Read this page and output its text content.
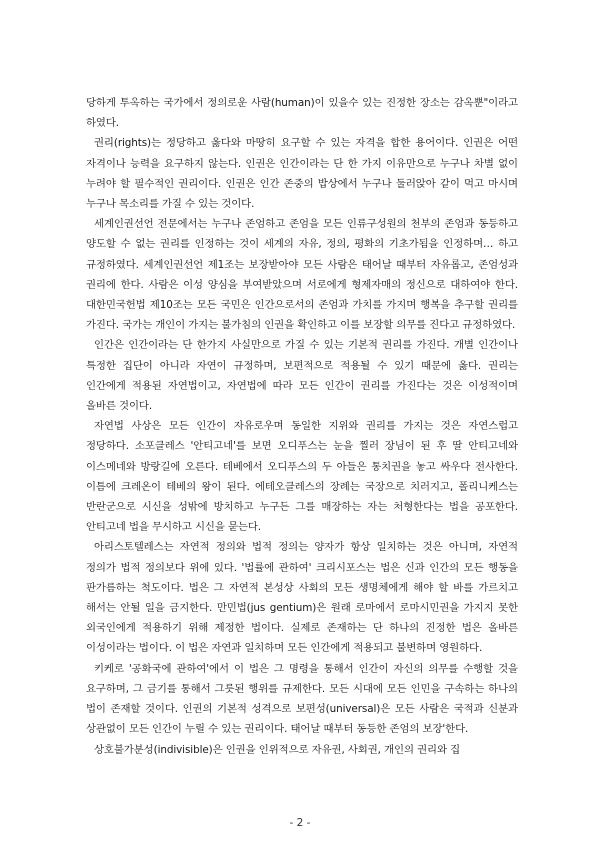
당하게 투옥하는 국가에서 정의로운 사람(human)이 있을수 있는 진정한 장소는 감옥뿐"이라고 하였다.

권리(rights)는 정당하고 옳다와 마땅히 요구할 수 있는 자격을 합한 용어이다. 인권은 어떤 자격이나 능력을 요구하지 않는다. 인권은 인간이라는 단 한 가지 이유만으로 누구나 차별 없이 누려야 할 필수적인 권리이다. 인권은 인간 존중의 밥상에서 누구나 둘러앉아 같이 먹고 마시며 누구나 목소리를 가질 수 있는 것이다.

세계인권선언 전문에서는 누구나 존엄하고 존엄을 모든 인류구성원의 천부의 존엄과 동등하고 양도할 수 없는 권리를 인정하는 것이 세계의 자유, 정의, 평화의 기초가됨을 인정하며… 하고 규정하였다. 세계인권선언 제1조는 보장받아야 모든 사람은 태어날 때부터 자유롭고, 존엄성과 권리에 한다. 사람은 이성 양심을 부여받았으며 서로에게 형제자매의 정신으로 대하여야 한다. 대한민국헌법 제10조는 모든 국민은 인간으로서의 존엄과 가치를 가지며 행복을 추구할 권리를 가진다. 국가는 개인이 가지는 불가침의 인권을 확인하고 이를 보장할 의무를 진다고 규정하였다.

인간은 인간이라는 단 한가지 사실만으로 가질 수 있는 기본적 권리를 가진다. 개별 인간이나 특정한 집단이 아니라 자연이 규정하며, 보편적으로 적용될 수 있기 때문에 옳다. 권리는 인간에게 적용된 자연법이고, 자연법에 따라 모든 인간이 권리를 가진다는 것은 이성적이며 올바른 것이다.

자연법 사상은 모든 인간이 자유로우며 동일한 지위와 권리를 가지는 것은 자연스럽고 정당하다. 소포클레스 '안티고네'를 보면 오디푸스는 눈을 찔러 장님이 된 후 딸 안티고네와 이스메네와 방랑길에 오른다. 테베에서 오디푸스의 두 아들은 통치권을 놓고 싸우다 전사한다. 이틈에 크레온이 테베의 왕이 된다. 에테오클레스의 장례는 국장으로 치러지고, 폴리니케스는 반란군으로 시신을 성밖에 방치하고 누구든 그를 매장하는 자는 처형한다는 법을 공포한다. 안티고네 법을 무시하고 시신을 묻는다.

아리스토텔레스는 자연적 정의와 법적 정의는 양자가 항상 일치하는 것은 아니며, 자연적 정의가 법적 정의보다 위에 있다. '법률에 관하여' 크리시포스는 법은 신과 인간의 모든 행동을 판가름하는 척도이다. 법은 그 자연적 본성상 사회의 모든 생명체에게 해야 할 바를 가르치고 해서는 안될 일을 금지한다. 만민법(jus gentium)은 원래 로마에서 로마시민권을 가지지 못한 외국인에게 적용하기 위해 제정한 법이다. 실제로 존재하는 단 하나의 진정한 법은 올바른 이성이라는 법이다. 이 법은 자연과 일치하며 모든 인간에게 적용되고 불변하며 영원하다.

키케로 '공화국에 관하여'에서 이 법은 그 명령을 통해서 인간이 자신의 의무를 수행할 것을 요구하며, 그 금기를 통해서 그릇된 행위를 규제한다. 모든 시대에 모든 인민을 구속하는 하나의 법이 존재할 것이다. 인권의 기본적 성격으로 보편성(universal)은 모든 사람은 국적과 신분과 상관없이 모든 인간이 누릴 수 있는 권리이다. 태어날 때부터 동등한 존엄의 보장'한다.

상호불가분성(indivisible)은 인권을 인위적으로 자유권, 사회권, 개인의 권리와 집

- 2 -
